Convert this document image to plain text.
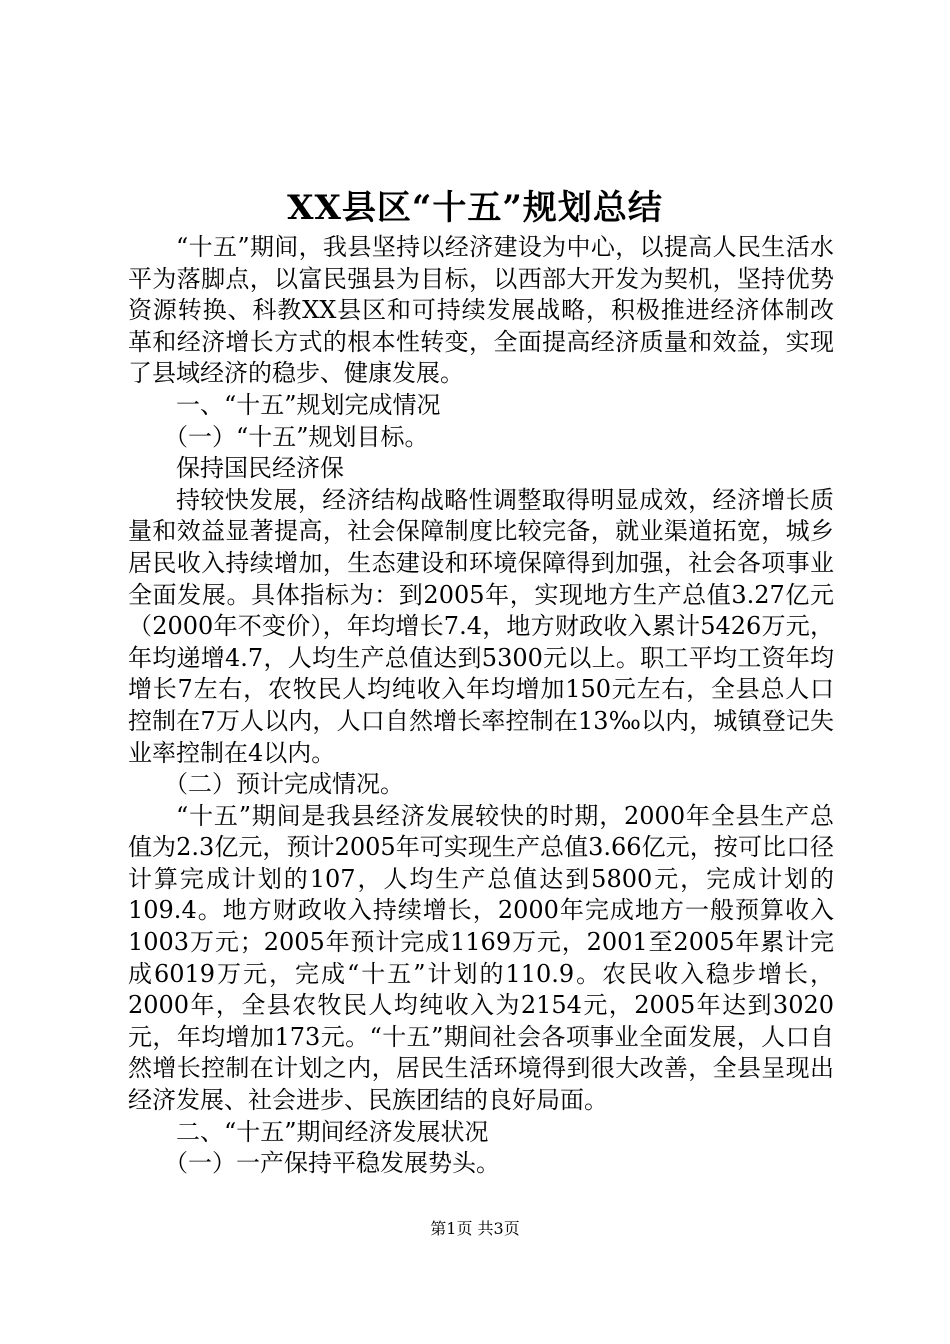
XX县区“十五”规划总结

“十五”期间，我县坚持以经济建设为中心，以提高人民生活水平为落脚点，以富民强县为目标，以西部大开发为契机，坚持优势资源转换、科教XX县区和可持续发展战略，积极推进经济体制改革和经济增长方式的根本性转变，全面提高经济质量和效益，实现了县域经济的稳步、健康发展。

一、“十五”规划完成情况

（一）“十五”规划目标。

保持国民经济保

持较快发展，经济结构战略性调整取得明显成效，经济增长质量和效益显著提高，社会保障制度比较完备，就业渠道拓宽，城乡居民收入持续增加，生态建设和环境保障得到加强，社会各项事业全面发展。具体指标为：到2005年，实现地方生产总值3.27亿元（2000年不变价），年均增长7.4，地方财政收入累计5426万元，年均递增4.7，人均生产总值达到5300元以上。职工平均工资年均增长7左右，农牧民人均纯收入年均增加150元左右，全县总人口控制在7万人以内，人口自然增长率控制在13‰以内，城镇登记失业率控制在4以内。

（二）预计完成情况。

“十五”期间是我县经济发展较快的时期，2000年全县生产总值为2.3亿元，预计2005年可实现生产总值3.66亿元，按可比口径计算完成计划的107，人均生产总值达到5800元，完成计划的109.4。地方财政收入持续增长，2000年完成地方一般预算收入1003万元；2005年预计完成1169万元，2001至2005年累计完成6019万元，完成“十五”计划的110.9。农民收入稳步增长，2000年，全县农牧民人均纯收入为2154元，2005年达到3020元，年均增加173元。“十五”期间社会各项事业全面发展，人口自然增长控制在计划之内，居民生活环境得到很大改善，全县呈现出经济发展、社会进步、民族团结的良好局面。

二、“十五”期间经济发展状况

（一）一产保持平稳发展势头。

第1页 共3页
